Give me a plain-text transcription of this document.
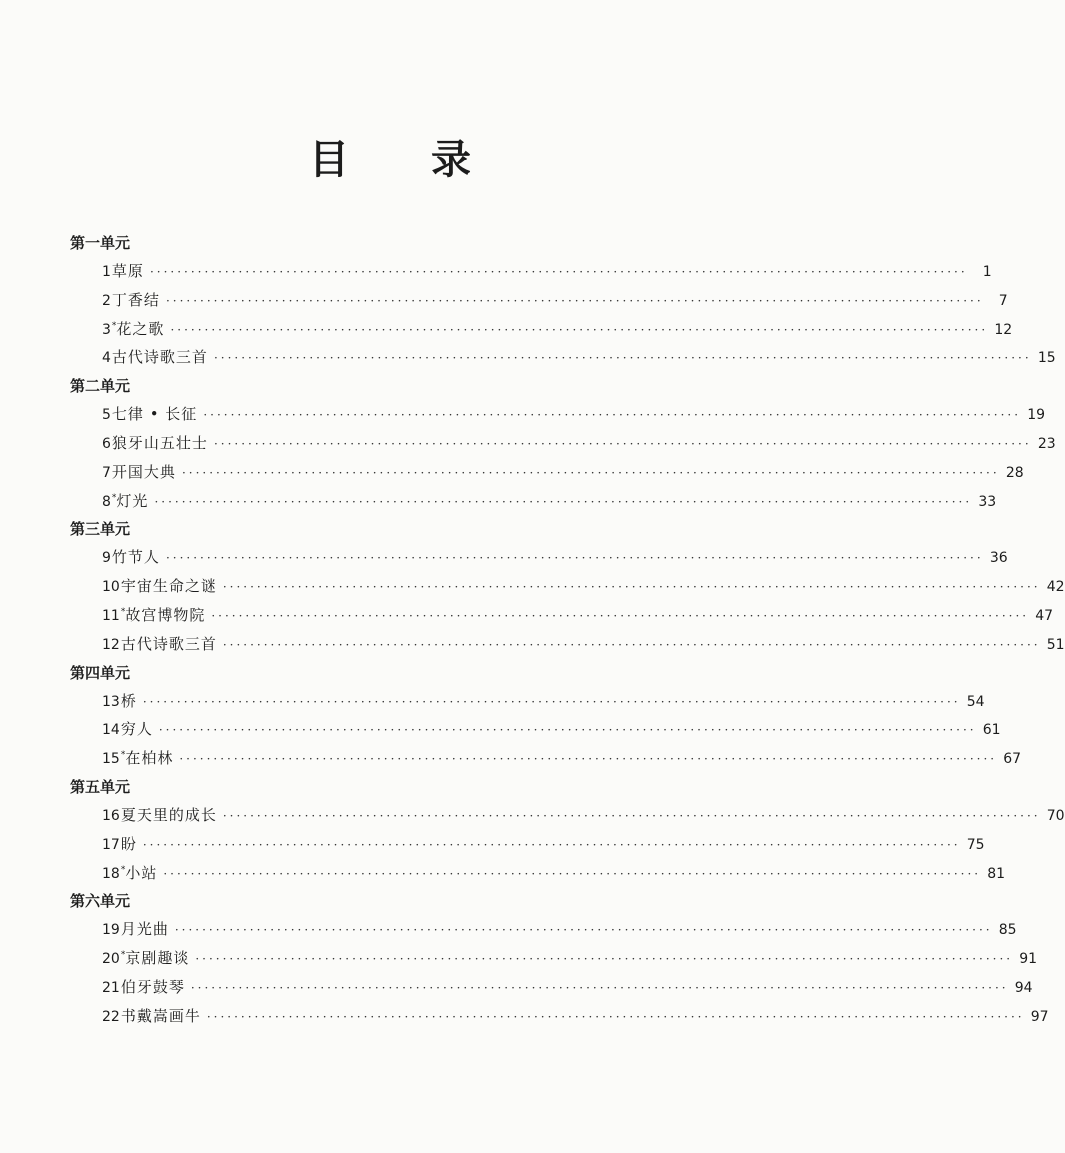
目 录
第一单元
1 草原 ························································································································	1
2 丁香结 ························································································································	7
3* 花之歌 ························································································································ 12
4 古代诗歌三首 ························································································································ 15
第二单元
5 七律 • 长征 ························································································································ 19
6 狼牙山五壮士 ························································································································ 23
7 开国大典 ························································································································ 28
8* 灯光 ························································································································ 33
第三单元
9 竹节人 ························································································································ 36
10 宇宙生命之谜 ························································································································ 42
11* 故宫博物院 ························································································································ 47
12 古代诗歌三首 ························································································································ 51
第四单元
13 桥 ························································································································ 54
14 穷人 ························································································································ 61
15* 在柏林 ························································································································ 67
第五单元
16 夏天里的成长 ························································································································ 70
17 盼 ························································································································ 75
18* 小站 ························································································································ 81
第六单元
19 月光曲 ························································································································ 85
20* 京剧趣谈 ························································································································ 91
21 伯牙鼓琴 ························································································································ 94
22 书戴嵩画牛 ························································································································ 97
